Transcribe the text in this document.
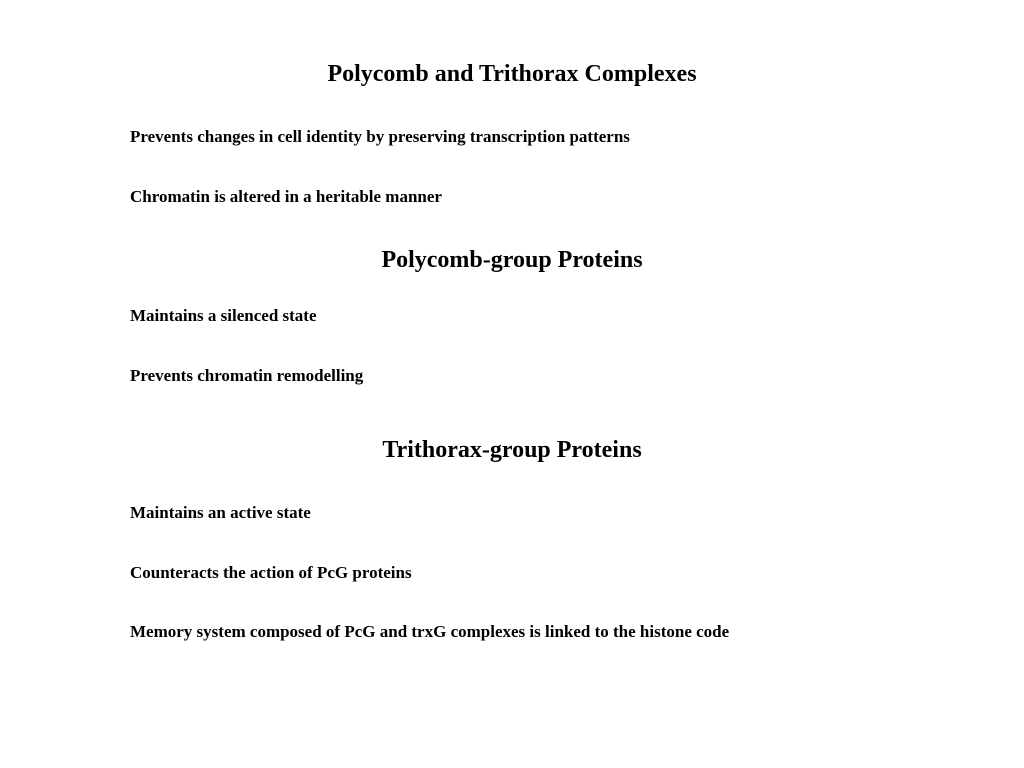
Polycomb and Trithorax Complexes

Prevents changes in cell identity by preserving transcription patterns

Chromatin is altered in a heritable manner

Polycomb-group Proteins

Maintains a silenced state

Prevents chromatin remodelling

Trithorax-group Proteins

Maintains an active state

Counteracts the action of PcG proteins

Memory system composed of PcG and trxG complexes is linked to the histone code
